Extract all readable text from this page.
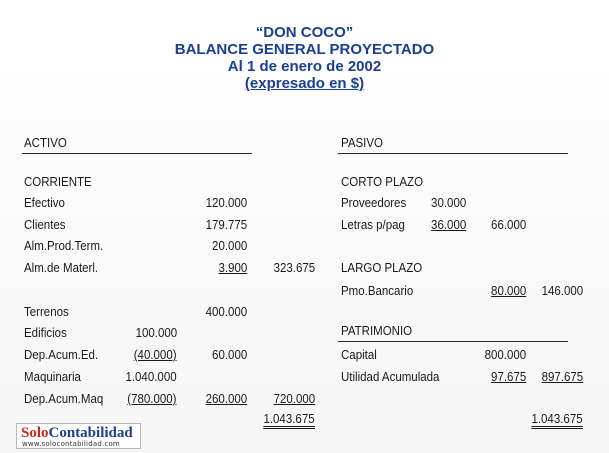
“DON COCO”
BALANCE GENERAL PROYECTADO
Al 1 de enero de 2002
(expresado en $)
ACTIVO
CORRIENTE
Efectivo	120.000
Clientes	179.775
Alm.Prod.Term.	20.000
Alm.de Materl.	3.900 323.675
Terrenos	400.000
Edificios	100.000
Dep.Acum.Ed.	(40.000)	60.000
Maquinaria	1.040.000
Dep.Acum.Maq (780.000) 260.000 720.000
1.043.675
PASIVO
CORTO PLAZO
Proveedores 30.000
Letras p/pag 36.000 66.000
LARGO PLAZO
Pmo.Bancario	80.000 146.000
PATRIMONIO
Capital	800.000
Utilidad Acumulada	97.675 897.675
1.043.675
SoloContabilidad
www.solocontabilidad.com
